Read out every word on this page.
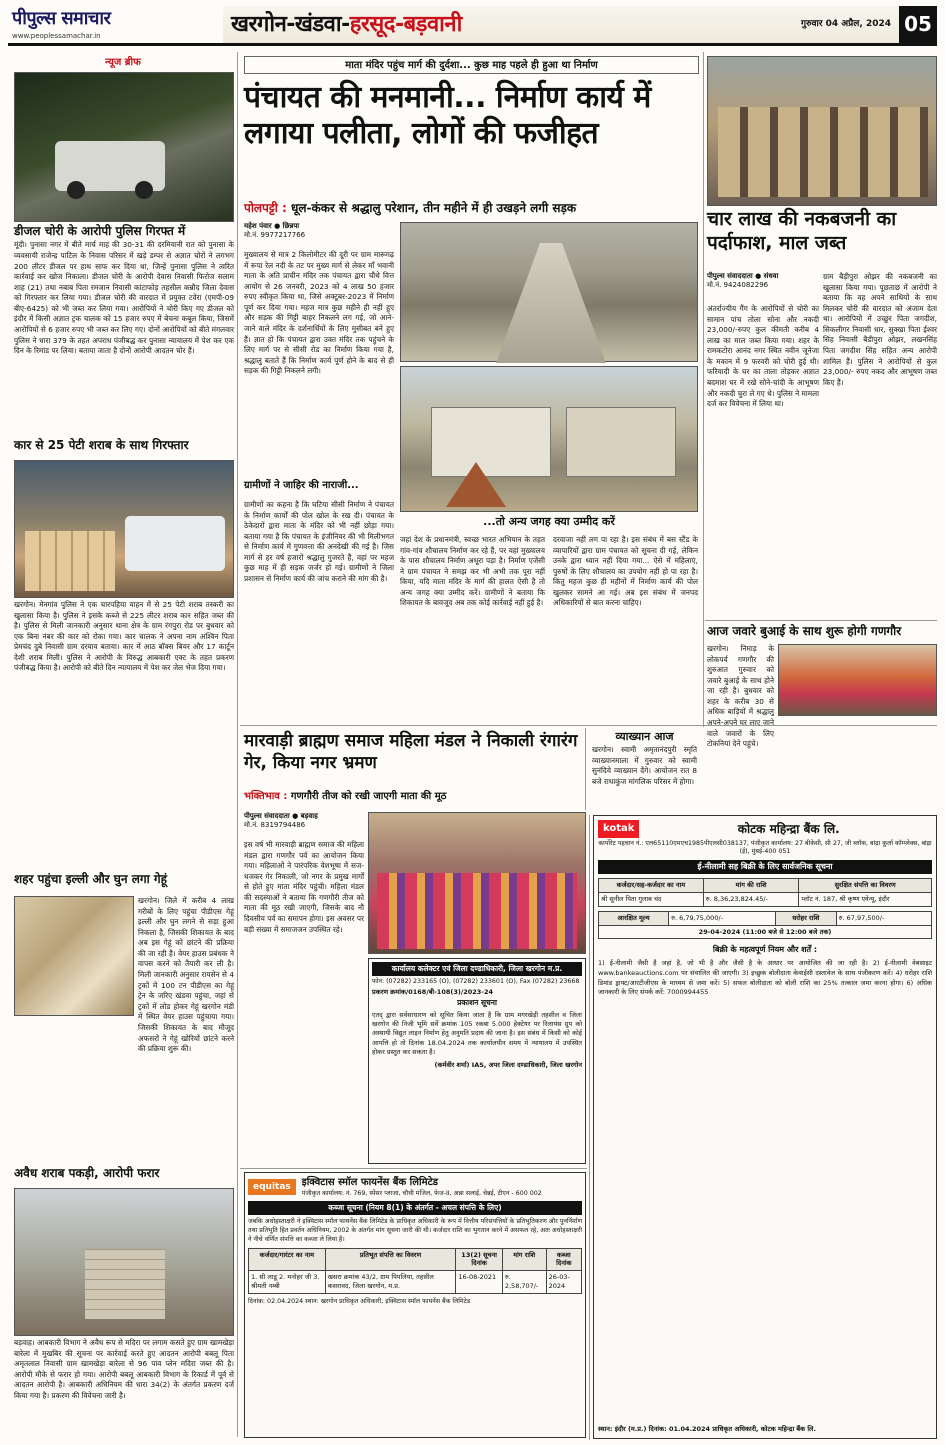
पीपुल्स समाचार
www.peoplessamachar.in	खरगोन-खंडवा-हरसूद-बड़वानी	गुरुवार 04 अप्रैल, 2024 05
न्यूज ब्रीफ
डीजल चोरी के आरोपी पुलिस गिरफ्त में
मूंदी। पुनासा नगर में बीते मार्च माह की 30-31 की दरमियानी रात को पुनासा के व्यवसायी राजेन्द्र पाटिल के निवास परिसर में खड़े डम्पर से अज्ञात चोरों ने लगभग 200 लीटर डीजल पर हाथ साफ कर दिया था, जिन्हें पुनासा पुलिस ने त्वरित कार्रवाई कर खोज निकाला। डीजल चोरी के आरोपी देवास निवासी फिरोज सलाम शाह (21) तथा नबाब पिता रमजान निवासी कांटाफोड़ तहसील कन्नौद जिला देवास को गिरफ्तार कर लिया गया। डीजल चोरी की वारदात में प्रयुक्त टवेरा (एमपी-09 बीए-6425) को भी जब्त कर लिया गया। आरोपियों ने चोरी किए गए डीजल को इंदौर में किसी अज्ञात ट्रक चालक को 15 हजार रुपए में बेचना कबूल किया, जिसमें आरोपियों से 6 हजार रुपए भी जब्त कर लिए गए। दोनों आरोपियों को बीते मंगलवार पुलिस ने धारा 379 के तहत अपराध पंजीबद्ध कर पुनासा न्यायालय में पेश कर एक दिन के रिमांड पर लिया। बताया जाता है दोनों आरोपी आदतन चोर हैं।
कार से 25 पेटी शराब के साथ गिरफ्तार
खरगोन। मेनगांव पुलिस ने एक चारपहिया वाहन में से 25 पेटी शराब तस्करी का खुलासा किया है। पुलिस ने इसके कब्जे से 225 लीटर शराब कार सहित जब्त की है। पुलिस से मिली जानकारी अनुसार थाना क्षेत्र के ग्राम रंगपुरा रोड पर बुधवार को एक बिना नंबर की कार को रोका गया। कार चालक ने अपना नाम अश्विन पिता प्रेमचंद दुबे निवासी ग्राम दरयाव बताया। कार में आठ बॉक्स बियर और 17 कार्टून देशी शराब मिली। पुलिस ने आरोपी के विरुद्ध आबकारी एक्ट के तहत प्रकरण पंजीबद्ध किया है। आरोपी को बीते दिन न्यायालय में पेश कर जेल भेज दिया गया।
शहर पहुंचा इल्ली और घुन लगा गेहूं
खरगोन। जिले में करीब 4 लाख गरीबों के लिए पहुंचा पीडीएस गेहूं इल्ली और घुन लगने से सड़ा हुआ निकला है, जिसकी शिकायत के बाद अब इस गेहूं को छांटने की प्रक्रिया की जा रही है। वेयर हाउस प्रबंधक ने वापस करने को तैयारी कर ली है। मिली जानकारी अनुसार रायसेन से 4 ट्रकों में 100 टन पीडीएस का गेहूं ट्रेन के जरिए खंडवा पहुंचा, जहां से ट्रकों में लोड होकर गेहूं खरगोन मंडी में स्थित वेयर हाउस पहुंचाया गया। जिसकी शिकायत के बाद मौजूद अफसरों ने गेहूं खोरियों छांटने करने की प्रक्रिया शुरू की।
अवैध शराब पकड़ी, आरोपी फरार
बड़वाह। आबकारी विभाग ने अवैध रूप से मदिरा पर लगाम कसते हुए ग्राम खामखेड़ा बारेला में मुखबिर की सूचना पर कार्रवाई करते हुए आदतन आरोपी बबलू पिता अमृतलाल निवासी ग्राम खामखेड़ा बारेला से 96 पाव प्लेन मदिरा जब्त की है। आरोपी मौके से फरार हो गया। आरोपी बबलू आबकारी विभाग के रिकार्ड में पूर्व से आदतन आरोपी है। आबकारी अधिनियम की धारा 34(2) के अंतर्गत प्रकरण दर्ज किया गया है। प्रकरण की विवेचना जारी है।
माता मंदिर पहुंच मार्ग की दुर्दशा... कुछ माह पहले ही हुआ था निर्माण
पंचायत की मनमानी... निर्माण कार्य में लगाया पलीता, लोगों की फजीहत
पोलपट्टी : धूल-कंकर से श्रद्धालु परेशान, तीन महीने में ही उखड़ने लगी सड़क
महेश पंवार ● छिन्नपा
मो.नं. 9977217766
मुख्यालय से मात्र 2 किलोमीटर की दूरी पर ग्राम मारूगढ़ में रूपा रेल नदी के तट पर मुख्य मार्ग से लेकर माँ भवानी माता के अति प्राचीन मंदिर तक पंचायत द्वारा चौथे वित्त आयोग से 26 जनवरी, 2023 को 4 लाख 50 हजार रुपए स्वीकृत किया था, जिसे अक्टूबर-2023 में निर्माण पूर्ण कर दिया गया। महज मात्र कुछ महीने ही नहीं हुए और सड़क की गिट्टी बाहर निकलने लग गई, जो आने-जाने वाले मंदिर के दर्शनार्थियों के लिए मुसीबत बने हुए हैं। ज्ञात हो कि पंचायत द्वारा उक्त मंदिर तक पहुंचने के लिए मार्ग पर से सीसी रोड का निर्माण किया गया है, श्रद्धालु बताते हैं कि निर्माण कार्य पूर्ण होने के बाद से ही सड़क की गिट्टी निकलने लगी।
ग्रामीणों ने जाहिर की नाराजी...
ग्रामीणों का कहना है कि घटिया सीसी निर्माण ने पंचायत के निर्माण कार्यों की पोल खोल के रख दी। पंचायत के ठेकेदारों द्वारा माता के मंदिर को भी नहीं छोड़ा गया। बताया गया है कि पंचायत के इंजीनियर की भी मिलीभगत से निर्माण कार्य में गुणवत्ता की अनदेखी की गई है। जिस मार्ग से हर वर्ष हजारों श्रद्धालु गुजरते हैं, वहां पर महज कुछ माह में ही सड़क जर्जर हो गई। ग्रामीणों ने जिला प्रशासन से निर्माण कार्य की जांच कराने की मांग की है।
...तो अन्य जगह क्या उम्मीद करें
जहां देश के प्रधानमंत्री, स्वच्छ भारत अभियान के तहत गांव-गांव शौचालय निर्माण कर रहे हैं, पर यहां मुख्यालय के पास शौचालय निर्माण अधूरा पड़ा है। निर्माण एजेंसी ने ग्राम पंचायत ने समझ कर भी अभी तक पूरा नहीं किया, यदि माता मंदिर के मार्ग की हालत ऐसी है तो अन्य जगह क्या उम्मीद करें। ग्रामीणों ने बताया कि शिकायत के बावजूद अब तक कोई कार्रवाई नहीं हुई है।
दरवाजा नहीं लग पा रहा है। इस संबंध में बस स्टैंड के व्यापारियों द्वारा ग्राम पंचायत को सूचना दी गई, लेकिन उनके द्वारा ध्यान नहीं दिया गया... ऐसे में महिलाएं, पुरुषों के लिए शौचालय का उपयोग नहीं हो पा रहा है। किंतु महज कुछ ही महीनों में निर्माण कार्य की पोल खुलकर सामने आ गई। अब इस संबंध में जनपद अधिकारियों से बात करना चाहिए।
चार लाख की नकबजनी का पर्दाफाश, माल जब्त
पीपुल्स संवाददाता ● संधवा
मो.नं. 9424082296
अंतर्राज्यीय गैंग के आरोपियों से चोरी का सामान पांच तोला सोना और नकदी 23,000/-रुपए कुल कीमती करीब 4 लाख का माल जब्त किया गया। शहर के रामकटोरा आनंद नगर स्थित नवीन जूनेजा के मकान में 9 फरवरी को चोरी हुई थी। फरियादी के घर का ताला तोड़कर अज्ञात बदमाश घर में रखे सोने-चांदी के आभूषण और नकदी चुरा ले गए थे। पुलिस ने मामला दर्ज कर विवेचना में लिया था।
ग्राम बैड़ीपुरा ओझर की नकबजनी का खुलासा किया गया। पूछताछ में आरोपी ने बताया कि वह अपने साथियों के साथ मिलकर चोरी की वारदात को अंजाम देता था। आरोपियों में उच्छुर पिता जगदीश, सिकलीगर निवासी धार, सुक्खा पिता ईश्वर सिंह निवासी बैडीपुरा ओझर, लखनसिंह पिता जगदीश सिंह सहित अन्य आरोपी शामिल हैं। पुलिस ने आरोपियों से कुल 23,000/- रुपए नकद और आभूषण जब्त किए हैं।
आज जवारे बुआई के साथ शुरू होगी गणगौर
खरगोन। निमाड़ के लोकपर्व गणगौर की शुरुआत गुरुवार को जवारे बुआई के साथ होने जा रही है। बुधवार को शहर के करीब 30 से अधिक बाड़ियों में श्रद्धालु अपने-अपने घर लाए जाने वाले जवारों के लिए टोकनियां देने पहुंचे।
मारवाड़ी ब्राह्मण समाज महिला मंडल ने निकाली रंगारंग गेर, किया नगर भ्रमण
भक्तिभाव : गणगौरी तीज को रखी जाएगी माता की मूठ
पीपुल्स संवाददाता ● बड़वाह
मो.नं. 8319794486
इस वर्ष भी मारवाड़ी ब्राह्मण समाज की महिला मंडल द्वारा गणगौर पर्व का आयोजन किया गया। महिलाओं ने पारंपरिक वेशभूषा में सज-धजकर गेर निकाली, जो नगर के प्रमुख मार्गों से होते हुए माता मंदिर पहुंची। महिला मंडल की सदस्याओं ने बताया कि गणगौरी तीज को माता की मूठ रखी जाएगी, जिसके बाद नौ दिवसीय पर्व का समापन होगा। इस अवसर पर बड़ी संख्या में समाजजन उपस्थित रहे।
व्याख्यान आज
खरगोन। स्वामी अमृतानंदपुरी स्मृति व्याख्यानमाला में गुरुवार को स्वामी सुनंदिये व्याख्यान देंगे। आयोजन रात 8 बजे राधाकुंज मांगलिक परिसर में होगा।
कार्यालय कलेक्टर एवं जिला दण्डाधिकारी, जिला खरगोन म.प्र.
फोन: (07282) 233165 (O), (07282) 233601 (O), Fax (07282) 23668
प्रकरण क्रमांक/0168/बी-108(3)/2023-24
प्रकाशन सूचना
एतद् द्वारा सर्वसाधारण को सूचित किया जाता है कि ग्राम मगरखेड़ी तहसील व जिला खरगोन की निजी भूमि सर्वे क्रमांक 105 रकबा 5.000 हेक्टेयर पर रिलायंस ग्रुप को अस्थायी विद्युत लाइन निर्माण हेतु अनुमति प्रदाय की जाना है। इस संबंध में किसी को कोई आपत्ति हो तो दिनांक 18.04.2024 तक कार्यालयीन समय में न्यायालय में उपस्थित होकर प्रस्तुत कर सकता है।
(कर्मवीर शर्मा) IAS, अपर जिला दण्डाधिकारी, जिला खरगोन
equitas	इक्विटास स्मॉल फायनेंस बैंक लिमिटेड
पंजीकृत कार्यालय: नं. 769, स्पेंसर प्लाजा, चौथी मंजिल, फेज-II, अन्ना सलाई, चेन्नई, टीएन - 600 002
कब्जा सूचना (नियम 8(1) के अंतर्गत - अचल संपत्ति के लिए)
जबकि अधोहस्ताक्षरी ने इक्विटास स्मॉल फायनेंस बैंक लिमिटेड के प्राधिकृत अधिकारी के रूप में वित्तीय परिसंपत्तियों के प्रतिभूतिकरण और पुनर्निर्माण तथा प्रतिभूति हित प्रवर्तन अधिनियम, 2002 के अंतर्गत मांग सूचना जारी की थी। कर्जदार राशि का भुगतान करने में असफल रहे, अतः अधोहस्ताक्षरी ने नीचे वर्णित संपत्ति का कब्जा ले लिया है।
कर्जदार/गारंटर का नाम	प्रतिभूत संपत्ति का विवरण	13(2) सूचना दिनांक	मांग राशि	कब्जा दिनांक
1. सी लाडू 2. मनोहर जी 3. श्रीमती नम्बी	खसरा क्रमांक 43/2, ग्राम पिपलिया, तहसील कसरावद, जिला खरगोन, म.प्र.	16-08-2021	रु. 2,58,707/-	26-03-2024
दिनांक: 02.04.2024 स्थान: खरगोन प्राधिकृत अधिकारी, इक्विटास स्मॉल फायनेंस बैंक लिमिटेड
kotak	कोटक महिन्द्रा बैंक लि.
कार्पोरेट पहचान नं.: एल65110एमएच1985पीएलसी038137, पंजीकृत कार्यालय: 27 बीकेसी, सी 27, जी ब्लॉक, बांद्रा कुर्ला कॉम्प्लेक्स, बांद्रा (ई), मुंबई-400 051
ई-नीलामी सह बिक्री के लिए सार्वजनिक सूचना
कर्जदार/सह-कर्जदार का नाम	मांग की राशि	सुरक्षित संपत्ति का विवरण
श्री सुनील पिता गुलाब चंद	रु. 8,36,23,824.45/-	प्लॉट नं. 187, श्री कृष्ण एवेन्यू, इंदौर
आरक्षित मूल्य	रु. 6,79,75,000/-	धरोहर राशि	रु. 67,97,500/-
29-04-2024 (11:00 बजे से 12:00 बजे तक)
बिक्री के महत्वपूर्ण नियम और शर्तें :
1) ई-नीलामी जैसी है जहां है, जो भी है और जैसी है के आधार पर आयोजित की जा रही है। 2) ई-नीलामी वेबसाइट www.bankeauctions.com पर संचालित की जाएगी। 3) इच्छुक बोलीदाता केवाईसी दस्तावेज के साथ पंजीकरण करें। 4) धरोहर राशि डिमांड ड्राफ्ट/आरटीजीएस के माध्यम से जमा करें। 5) सफल बोलीदाता को बोली राशि का 25% तत्काल जमा करना होगा। 6) अधिक जानकारी के लिए संपर्क करें: 7000994455
स्थान: इंदौर (म.प्र.) दिनांक: 01.04.2024 प्राधिकृत अधिकारी, कोटक महिन्द्रा बैंक लि.
